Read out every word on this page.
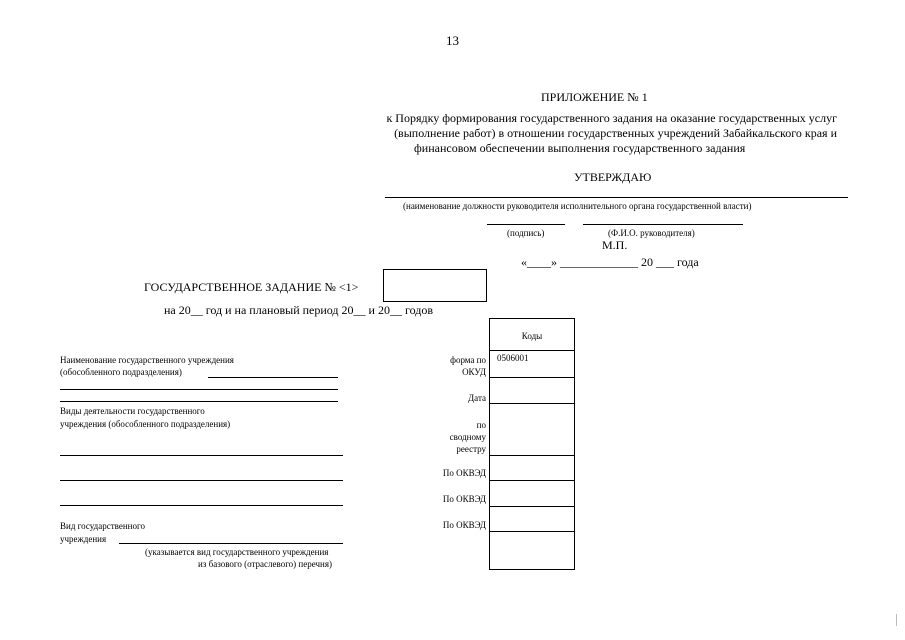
13
ПРИЛОЖЕНИЕ № 1
к Порядку формирования государственного задания на оказание государственных услуг
(выполнение работ) в отношении государственных учреждений Забайкальского края и
финансовом обеспечении выполнения государственного задания
УТВЕРЖДАЮ
(наименование должности руководителя исполнительного органа государственной власти)
(подпись)	(Ф.И.О. руководителя)
М.П.
«____» _____________ 20 ___ года
ГОСУДАРСТВЕННОЕ ЗАДАНИЕ № <1>
на 20__ год и на плановый период 20__ и 20__ годов
Наименование государственного учреждения
(обособленного подразделения)
Виды деятельности государственного
учреждения (обособленного подразделения)
Вид государственного
учреждения
(указывается вид государственного учреждения
из базового (отраслевого) перечня)
форма по
ОКУД
Дата
по
сводному
реестру
По ОКВЭД
По ОКВЭД
По ОКВЭД
Коды
0506001
